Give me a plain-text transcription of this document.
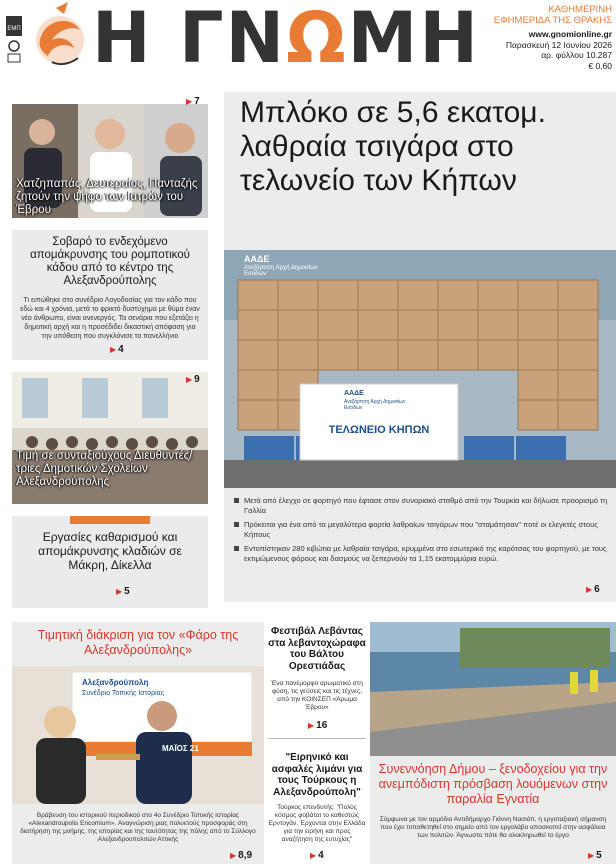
ΕΜΠ Η ΓΝΩΜΗ	ΚΑΘΗΜΕΡΙΝΗ
ΕΦΗΜΕΡΙΔΑ ΤΗΣ ΘΡΑΚΗΣ
www.gnomionline.gr
Παρασκευή 12 Ιουνίου 2026
αρ. φύλλου 10.287
€ 0,60
Χατζηπαπάς, Δευτεραίος, Πανταζής ζητούν την ψήφο των Ιατρών του Έβρου
▶ 7
Σοβαρό το ενδεχόμενο απομάκρυνσης του ρομποτικού κάδου από το κέντρο της Αλεξανδρούπολης
Τι ειπώθηκε στο συνέδριο Λογοδοσίας για τον κάδο που εδώ και 4 χρόνια, μετά το φρικτό δυστύχημα με θύμα έναν νέο άνθρωπο, είναι ανενεργός. Τα σενάρια που εξετάζει η δημοτική αρχή και η προσέδιδει δικαστική απόφαση για την υπόθεση που συγκλόνισε το πανελλήνιο
▶ 4
Τιμή σε συνταξιούχους Διευθυντές/τριες Δημοτικών Σχολείων Αλεξανδρούπολης
▶ 9
Εργασίες καθαρισμού και απομάκρυνσης κλαδιών σε Μάκρη, Δίκελλα
▶ 5
Μπλόκο σε 5,6 εκατομ. λαθραία τσιγάρα στο τελωνείο των Κήπων
ΑΑΔΕ
Ανεξάρτητη Αρχή Δημοσίων Εσόδων
ΑΑΔΕ
Ανεξάρτητη Αρχή Δημοσίων Εσόδων
ΤΕΛΩΝΕΙΟ ΚΗΠΩΝ
Μετά από έλεγχο σε φορτηγό που έφτασε στον συνοριακό σταθμό από την Τουρκία και δήλωσε προορισμό τη Γαλλία
Πρόκειται για ένα από τα μεγαλύτερα φορτία λαθραίων τσιγάρων που "σταμάτησαν" ποτέ οι ελεγκτές στους Κήπους
Εντοπίστηκαν 280 κιβώτια με λαθραία τσιγάρα, κρυμμένα στο εσωτερικό της καρότσας του φορτηγού, με τους εκτιμώμενους φόρους και δασμούς να ξεπερνούν τα 1,15 εκατομμύρια ευρώ.
▶ 6
Τιμητική διάκριση για τον «Φάρο της Αλεξανδρούπολης»
Αλεξανδρούπολη
Συνέδριο Τοπικής Ιστορίας
ΜΑΪΟΣ 21
Βράβευση του ιστορικού περιοδικού στο 4ο Συνέδριο Τοπικής Ιστορίας «Alexandroupolis Encomium». Αναγνώριση μιας πολυετούς προσφοράς στη διατήρηση της μνήμης, της ιστορίας και της ταυτότητας της πόλης από το Σύλλογο Αλεξανδρουπολιτών Αττικής
▶ 8,9
Φεστιβάλ Λεβάντας στα λεβαντοχώραφα του Βάλτου Ορεστιάδας
Ένα πανέμορφο αρωματικό στη φύση, τις γεύσεις και τις τέχνες, από την ΚΟΙΝΣΕΠ «Άρωμα Έβρου»
▶ 16
"Ειρηνικό και ασφαλές λιμάνι για τους Τούρκους η Αλεξανδρούπολη"
Τούρκος επενδυτής: "Πολύς κόσμος φοβάται το καθεστώς Ερντογάν. Έρχονται στην Ελλάδα για την ειρήνη και προς αναζήτηση της ευτυχίας"
▶ 4
Συνεννόηση Δήμου – ξενοδοχείου για την ανεμπόδιστη πρόσβαση λουόμενων στην παραλία Εγνατία
Σύμφωνα με τον αρμόδιο Αντιδήμαρχο Γιάννη Νασιόπ, η εργοταξιακή σήμανση που έχει τοποθετηθεί στο σημείο από τον εργολάβο αποσκοπεί στην ασφάλεια των πολιτών. Άγνωστο πότε θα ολοκληρωθεί το έργο
▶ 5
